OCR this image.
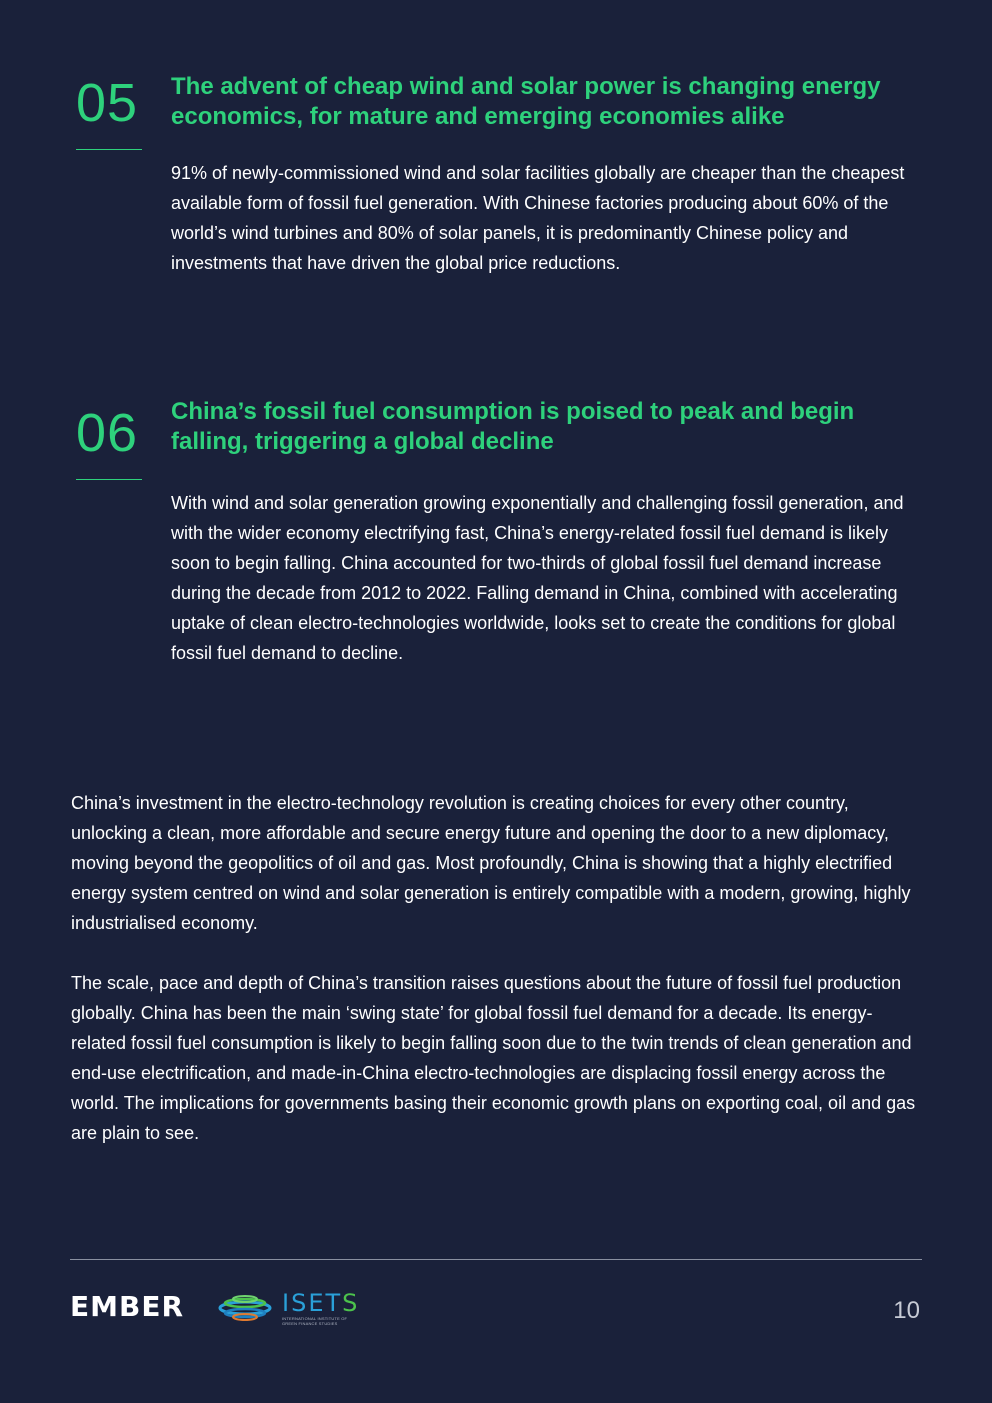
05 The advent of cheap wind and solar power is changing energy economics, for mature and emerging economies alike

91% of newly-commissioned wind and solar facilities globally are cheaper than the cheapest available form of fossil fuel generation. With Chinese factories producing about 60% of the world’s wind turbines and 80% of solar panels, it is predominantly Chinese policy and investments that have driven the global price reductions.

06 China’s fossil fuel consumption is poised to peak and begin falling, triggering a global decline

With wind and solar generation growing exponentially and challenging fossil generation, and with the wider economy electrifying fast, China’s energy-related fossil fuel demand is likely soon to begin falling. China accounted for two-thirds of global fossil fuel demand increase during the decade from 2012 to 2022. Falling demand in China, combined with accelerating uptake of clean electro-technologies worldwide, looks set to create the conditions for global fossil fuel demand to decline.

China’s investment in the electro-technology revolution is creating choices for every other country, unlocking a clean, more affordable and secure energy future and opening the door to a new diplomacy, moving beyond the geopolitics of oil and gas. Most profoundly, China is showing that a highly electrified energy system centred on wind and solar generation is entirely compatible with a modern, growing, highly industrialised economy.

The scale, pace and depth of China’s transition raises questions about the future of fossil fuel production globally. China has been the main ‘swing state’ for global fossil fuel demand for a decade. Its energy-related fossil fuel consumption is likely to begin falling soon due to the twin trends of clean generation and end-use electrification, and made-in-China electro-technologies are displacing fossil energy across the world. The implications for governments basing their economic growth plans on exporting coal, oil and gas are plain to see.

EMBER	ISETS
INTERNATIONAL INSTITUTE OF GREEN FINANCE STUDIES	10
